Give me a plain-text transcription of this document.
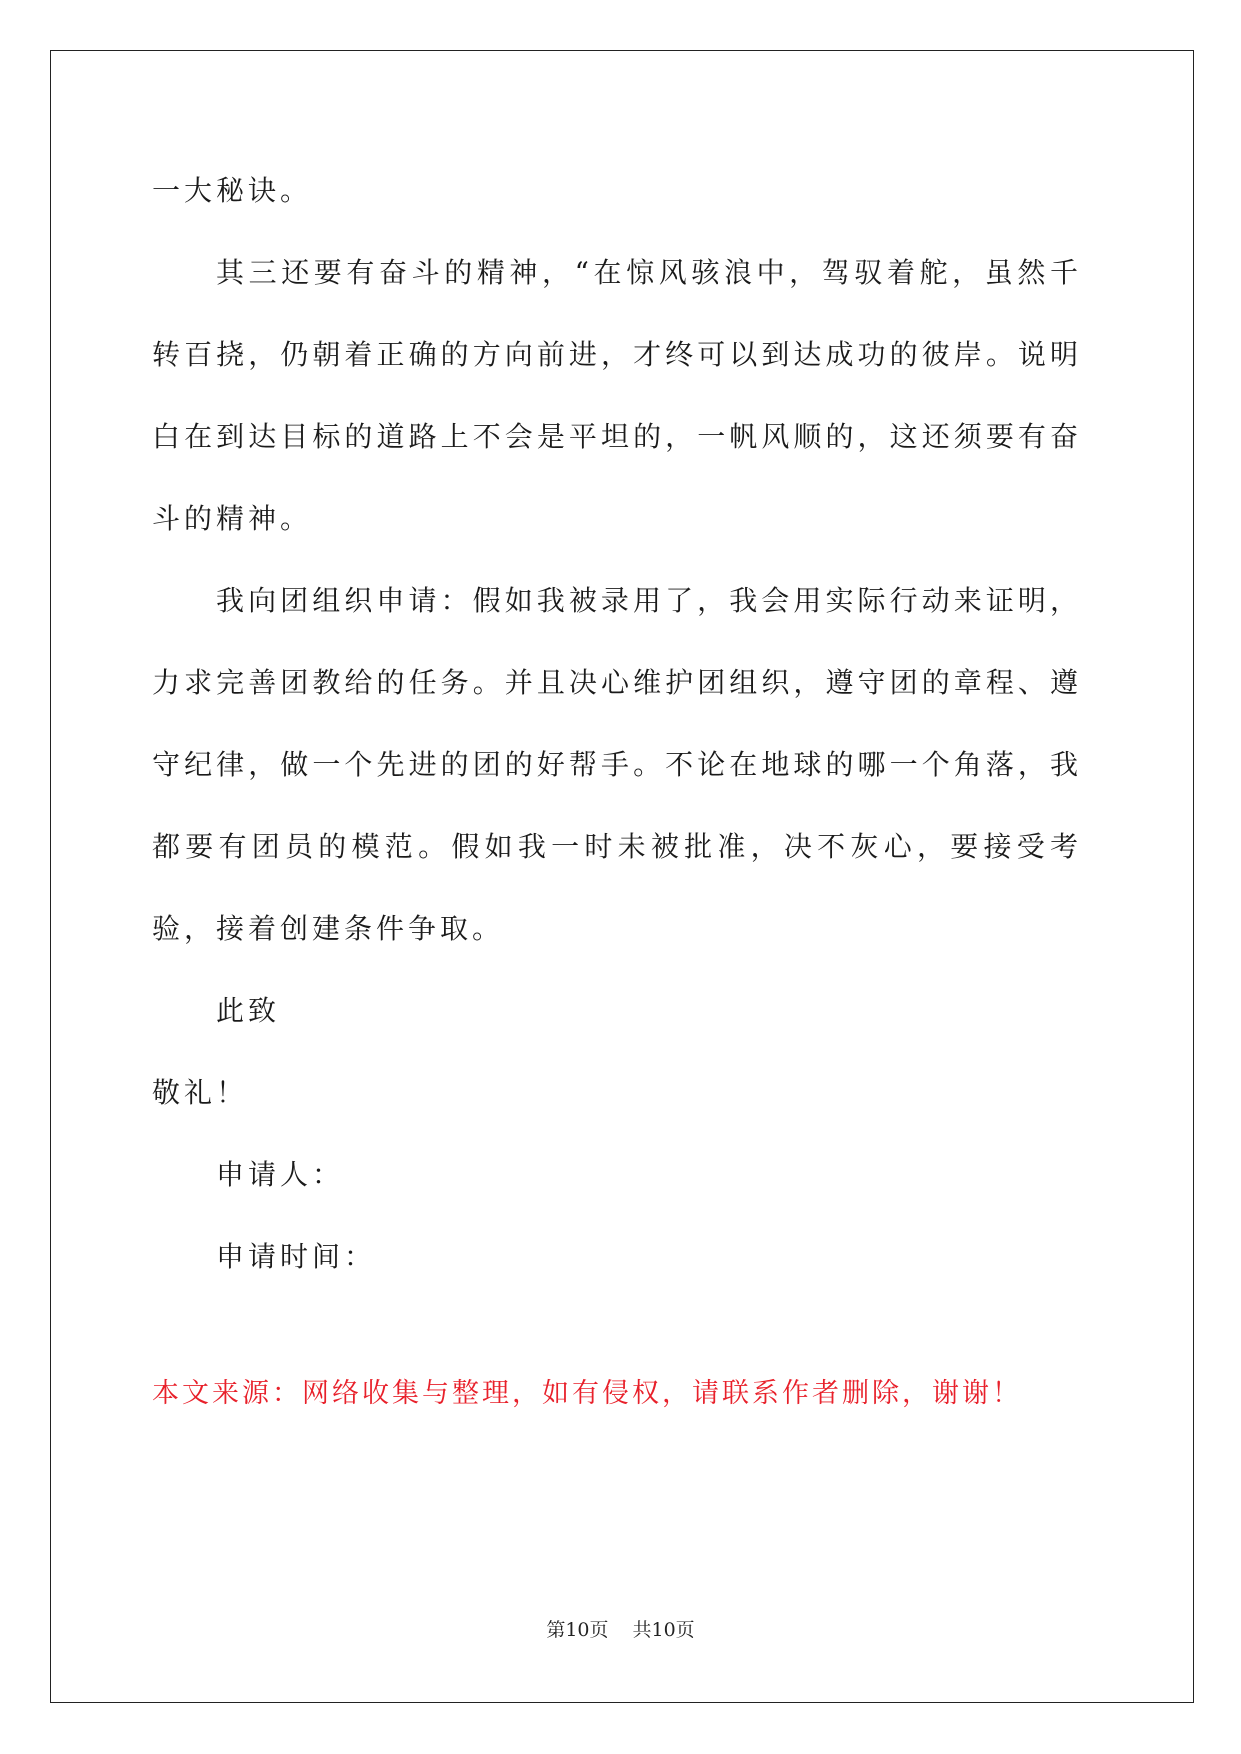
一大秘诀。

其三还要有奋斗的精神，“在惊风骇浪中，驾驭着舵，虽然千转百挠，仍朝着正确的方向前进，才终可以到达成功的彼岸。说明白在到达目标的道路上不会是平坦的，一帆风顺的，这还须要有奋斗的精神。

我向团组织申请：假如我被录用了，我会用实际行动来证明，力求完善团教给的任务。并且决心维护团组织，遵守团的章程、遵守纪律，做一个先进的团的好帮手。不论在地球的哪一个角落，我都要有团员的模范。假如我一时未被批准，决不灰心，要接受考验，接着创建条件争取。

此致

敬礼！

申请人：

申请时间：

本文来源：网络收集与整理，如有侵权，请联系作者删除，谢谢！
第10页 共10页
